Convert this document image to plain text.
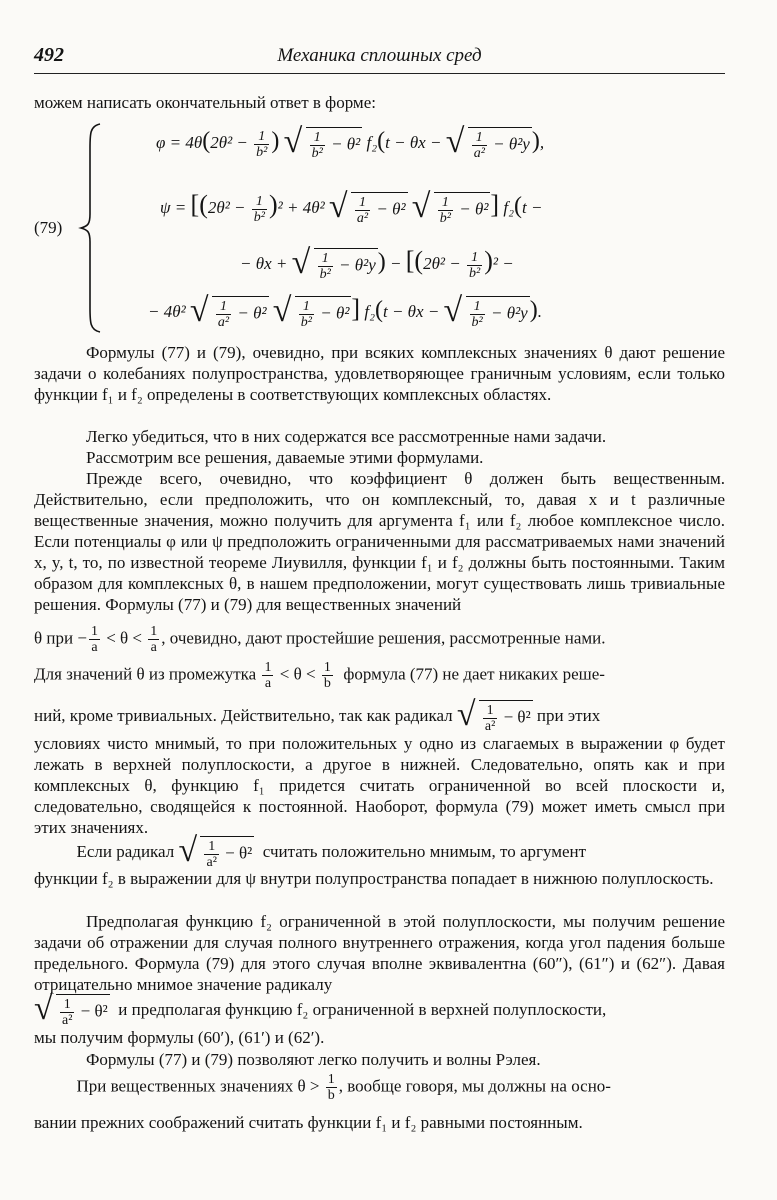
492	Механика сплошных сред
можем написать окончательный ответ в форме:
(79)
$\varphi = 4\theta(2\theta^2 - \frac{1}{\text{b²}}$ ) √ $\frac{1}{\text{b²}} - \theta^2$ f₂(t − θx − √ $\frac{1}{\text{a²}} - \theta^2y$),
$\psi = [(2\theta^2 - \frac{1}{\text{b²}} )^2 + 4\theta^2$ √ $\frac{1}{\text{a²}} - \theta^2$ √ $\frac{1}{\text{b²}} - \theta^2$] f₂(t −
− θx + √ $\frac{1}{\text{b²}} - \theta^2y) - [(2\theta^2 - \frac{1}{\text{b²}} )^2$ −
− 4θ² √ $\frac{1}{\text{a²}} - \theta^2$ √ $\frac{1}{\text{b²}} - \theta^2$] f₂(t − θx − √ $\frac{1}{\text{b²}} - \theta^2y$).
Формулы (77) и (79), очевидно, при всяких комплексных значениях θ дают решение задачи о колебаниях полупространства, удовлетворяющее граничным условиям, если только функции f₁ и f₂ определены в соответствующих комплексных областях.
Легко убедиться, что в них содержатся все рассмотренные нами задачи.
Рассмотрим все решения, даваемые этими формулами.
Прежде всего, очевидно, что коэффициент θ должен быть вещественным. Действительно, если предположить, что он комплексный, то, давая x и t различные вещественные значения, можно получить для аргумента f₁ или f₂ любое комплексное число. Если потенциалы φ или ψ предположить ограниченными для рассматриваемых нами значений x, y, t, то, по известной теореме Лиувилля, функции f₁ и f₂ должны быть постоянными. Таким образом для комплексных θ, в нашем предположении, могут существовать лишь тривиальные решения. Формулы (77) и (79) для вещественных значений
θ при − $\frac{1}{a} < \theta < \frac{1}{a}$ , очевидно, дают простейшие решения, рассмотренные нами.
Для значений θ из промежутка $\frac{1}{a} < \theta < \frac{1}{b}$ формула (77) не дает никаких реше-
ний, кроме тривиальных. Действительно, так как радикал √ $\frac{1}{\text{a²}} - \theta^2$ при этих
условиях чисто мнимый, то при положительных y одно из слагаемых в выражении φ будет лежать в верхней полуплоскости, а другое в нижней. Следовательно, опять как и при комплексных θ, функцию f₁ придется считать ограниченной во всей плоскости и, следовательно, сводящейся к постоянной. Наоборот, формула (79) может иметь смысл при этих значениях.
Если радикал √ $\frac{1}{\text{a²}} - \theta^2$  считать положительно мнимым, то аргумент
функции f₂ в выражении для ψ внутри полупространства попадает в нижнюю полуплоскость.
Предполагая функцию f₂ ограниченной в этой полуплоскости, мы получим решение задачи об отражении для случая полного внутреннего отражения, когда угол падения больше предельного. Формула (79) для этого случая вполне эквивалентна (60″), (61″) и (62″). Давая отрицательно мнимое значение радикалу
√ $\frac{1}{\text{a²}} - \theta^2$  и предполагая функцию f₂ ограниченной в верхней полуплоскости,
мы получим формулы (60′), (61′) и (62′).
Формулы (77) и (79) позволяют легко получить и волны Рэлея.
При вещественных значениях $\theta > \frac{1}{b}$ , вообще говоря, мы должны на осно-
вании прежних соображений считать функции f₁ и f₂ равными постоянным.
